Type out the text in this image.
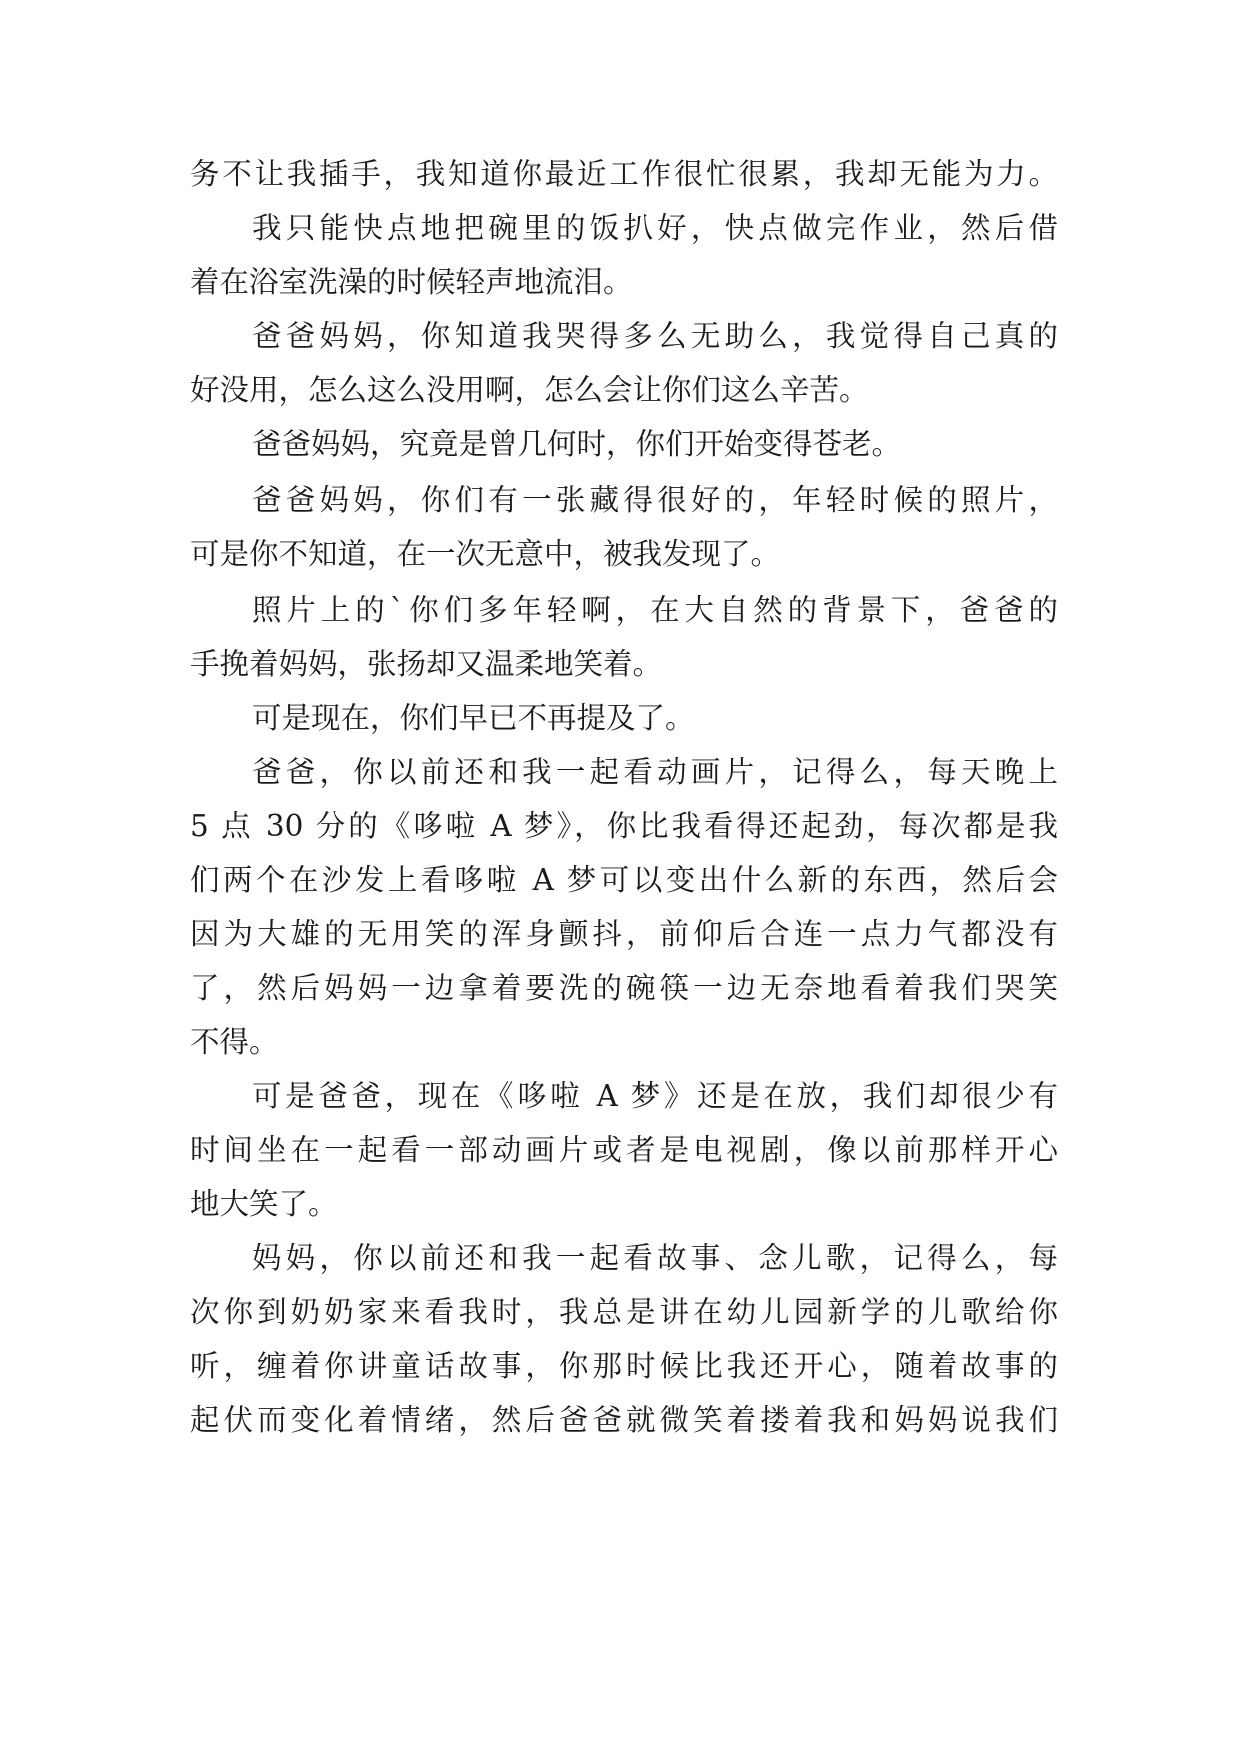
务不让我插手，我知道你最近工作很忙很累，我却无能为力。
我只能快点地把碗里的饭扒好，快点做完作业，然后借
着在浴室洗澡的时候轻声地流泪。
爸爸妈妈，你知道我哭得多么无助么，我觉得自己真的
好没用，怎么这么没用啊，怎么会让你们这么辛苦。
爸爸妈妈，究竟是曾几何时，你们开始变得苍老。
爸爸妈妈，你们有一张藏得很好的，年轻时候的照片，
可是你不知道，在一次无意中，被我发现了。
照片上的`你们多年轻啊，在大自然的背景下，爸爸的
手挽着妈妈，张扬却又温柔地笑着。
可是现在，你们早已不再提及了。
爸爸，你以前还和我一起看动画片，记得么，每天晚上
5 点 30 分的《哆啦 A 梦》，你比我看得还起劲，每次都是我
们两个在沙发上看哆啦 A 梦可以变出什么新的东西，然后会
因为大雄的无用笑的浑身颤抖，前仰后合连一点力气都没有
了，然后妈妈一边拿着要洗的碗筷一边无奈地看着我们哭笑
不得。
可是爸爸，现在《哆啦 A 梦》还是在放，我们却很少有
时间坐在一起看一部动画片或者是电视剧，像以前那样开心
地大笑了。
妈妈，你以前还和我一起看故事、念儿歌，记得么，每
次你到奶奶家来看我时，我总是讲在幼儿园新学的儿歌给你
听，缠着你讲童话故事，你那时候比我还开心，随着故事的
起伏而变化着情绪，然后爸爸就微笑着搂着我和妈妈说我们
